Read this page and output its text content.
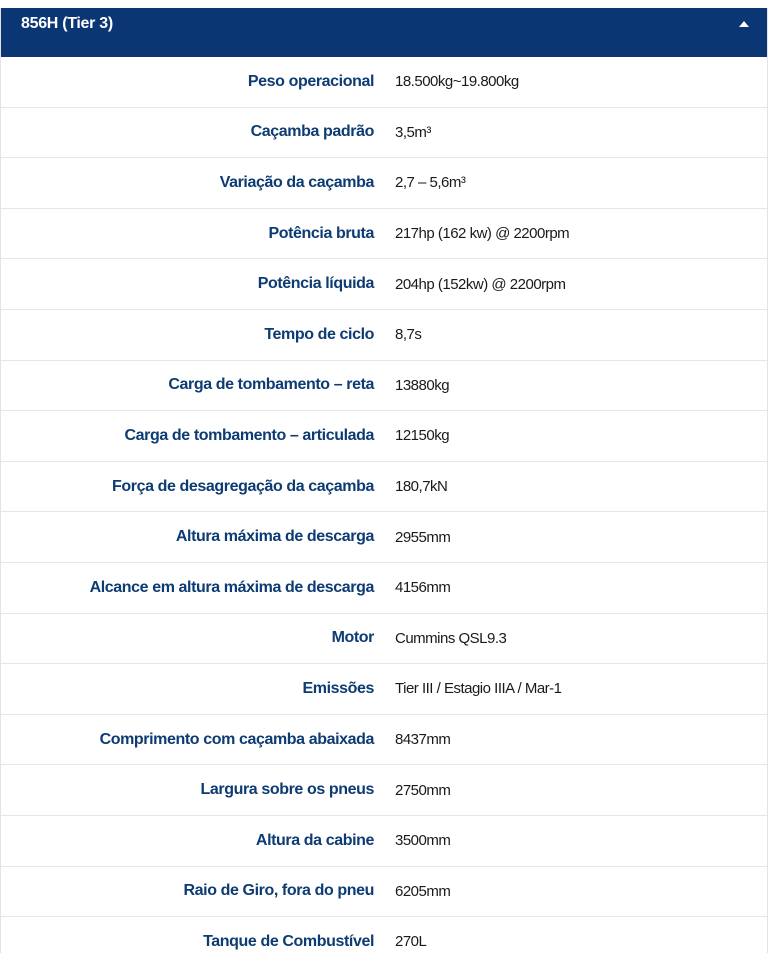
856H (Tier 3)
Peso operacional	18.500kg~19.800kg
Caçamba padrão	3,5m³
Variação da caçamba	2,7 – 5,6m³
Potência bruta	217hp (162 kw) @ 2200rpm
Potência líquida	204hp (152kw) @ 2200rpm
Tempo de ciclo	8,7s
Carga de tombamento – reta	13880kg
Carga de tombamento – articulada	12150kg
Força de desagregação da caçamba	180,7kN
Altura máxima de descarga	2955mm
Alcance em altura máxima de descarga	4156mm
Motor	Cummins QSL9.3
Emissões	Tier III / Estagio IIIA / Mar-1
Comprimento com caçamba abaixada	8437mm
Largura sobre os pneus	2750mm
Altura da cabine	3500mm
Raio de Giro, fora do pneu	6205mm
Tanque de Combustível	270L
